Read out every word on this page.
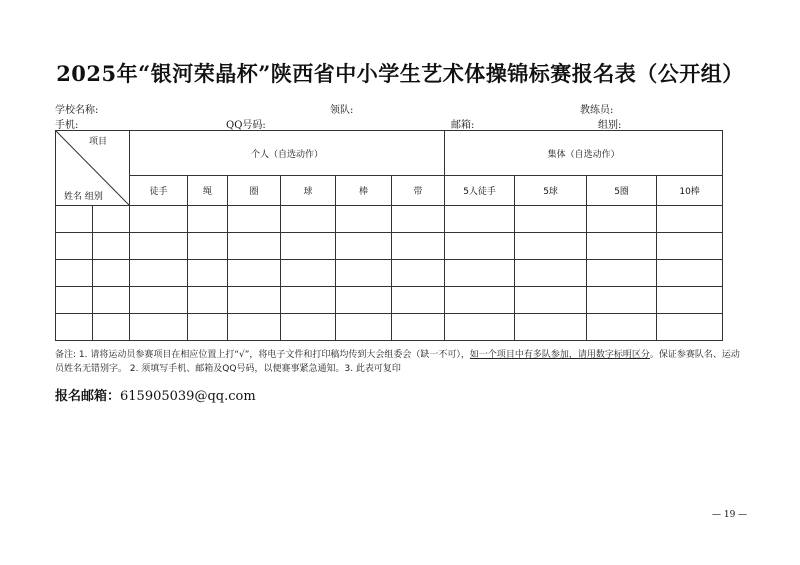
2025年“银河荣晶杯”陕西省中小学生艺术体操锦标赛报名表（公开组）
学校名称:	领队:	教练员:
手机:	QQ号码:	邮箱:	组别:
项目
姓名 组别		个人（自选动作）						集体（自选动作）			
		徒手	绳	圈	球	棒	带	5人徒手	5球	5圈	10棒

备注: 1. 请将运动员参赛项目在相应位置上打“√”，将电子文件和打印稿均传到大会组委会（缺一不可），如一个项目中有多队参加，请用数字标明区分。保证参赛队名、运动员姓名无错别字。 2. 须填写手机、邮箱及QQ号码，以便赛事紧急通知。3. 此表可复印
报名邮箱：615905039@qq.com
— 19 —
